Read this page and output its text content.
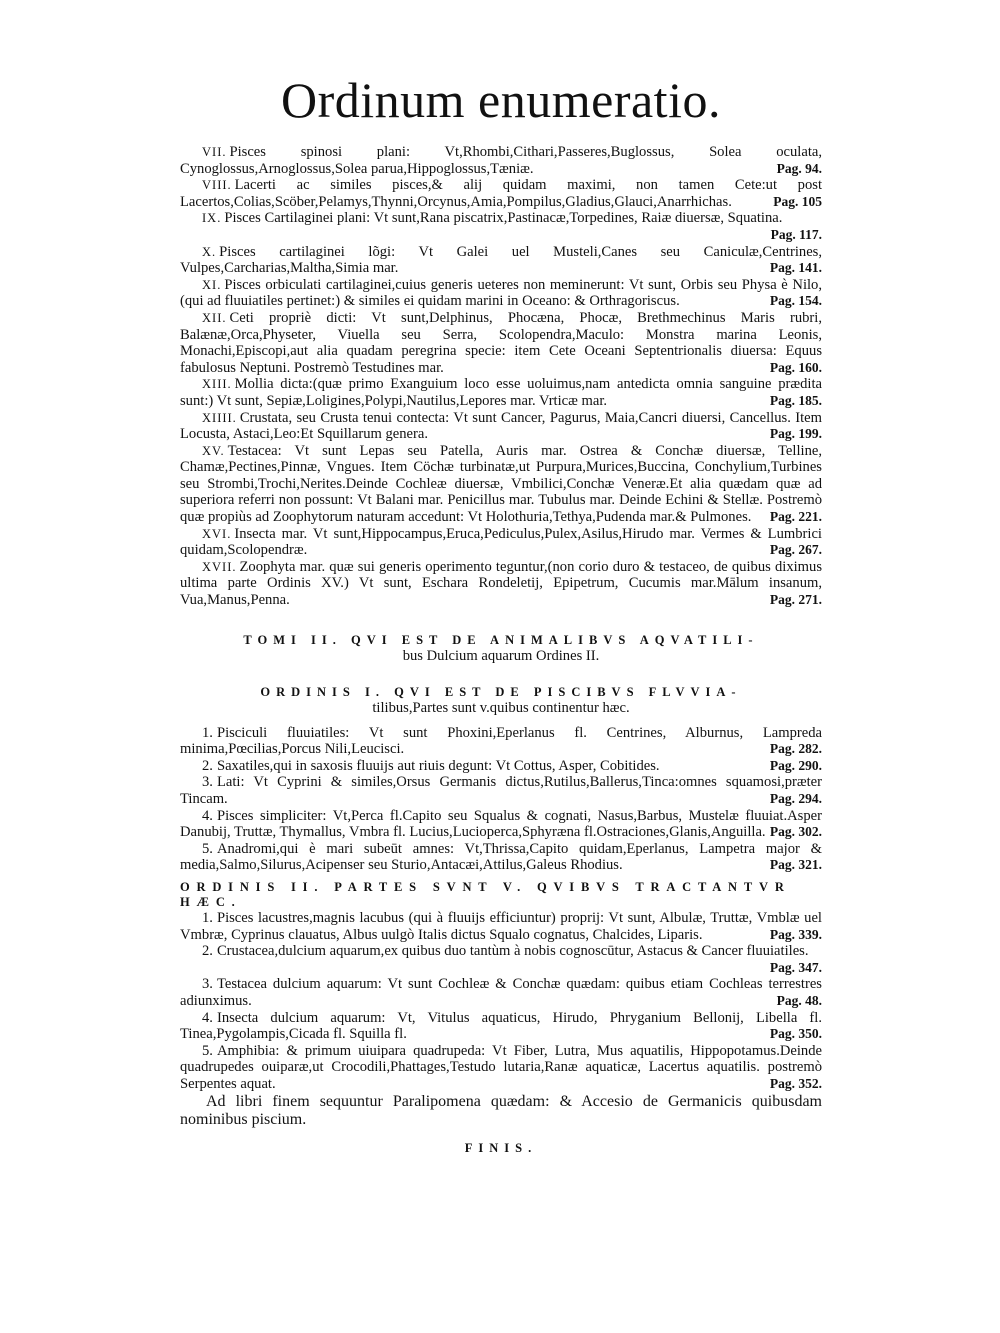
Ordinum enumeratio.

VII. Pisces spinosi plani: Vt,Rhombi,Cithari,Passeres,Buglossus, Solea oculata, Cynoglossus,Arnoglossus,Solea parua,Hippoglossus,Tæniæ.	Pag. 94.

VIII. Lacerti ac similes pisces,& alij quidam maximi, non tamen Cete:ut post Lacertos,Colias,Scöber,Pelamys,Thynni,Orcynus,Amia,Pompilus,Gladius,Glauci,Anarrhichas.	Pag. 105

IX. Pisces Cartilaginei plani: Vt sunt,Rana piscatrix,Pastinacæ,Torpedines, Raiæ diuersæ, Squatina.
Pag. 117.

X. Pisces cartilaginei lõgi: Vt Galei uel Musteli,Canes seu Caniculæ,Centrines, Vulpes,Carcharias,Maltha,Simia mar.	Pag. 141.

XI. Pisces orbiculati cartilaginei,cuius generis ueteres non meminerunt: Vt sunt, Orbis seu Physa è Nilo,(qui ad fluuiatiles pertinet:) & similes ei quidam marini in Oceano: & Orthragoriscus.	Pag. 154.

XII. Ceti propriè dicti: Vt sunt,Delphinus, Phocæna, Phocæ, Brethmechinus Maris rubri, Balænæ,Orca,Physeter, Viuella seu Serra, Scolopendra,Maculo: Monstra marina Leonis, Monachi,Episcopi,aut alia quadam peregrina specie: item Cete Oceani Septentrionalis diuersa: Equus fabulosus Neptuni. Postremò Testudines mar.	Pag. 160.

XIII. Mollia dicta:(quæ primo Exanguium loco esse uoluimus,nam antedicta omnia sanguine prædita sunt:) Vt sunt, Sepiæ,Loligines,Polypi,Nautilus,Lepores mar. Vrticæ mar.	Pag. 185.

XIIII. Crustata, seu Crusta tenui contecta: Vt sunt Cancer, Pagurus, Maia,Cancri diuersi, Cancellus. Item Locusta, Astaci,Leo:Et Squillarum genera.	Pag. 199.

XV. Testacea: Vt sunt Lepas seu Patella, Auris mar. Ostrea & Conchæ diuersæ, Telline, Chamæ,Pectines,Pinnæ, Vngues. Item Cöchæ turbinatæ,ut Purpura,Murices,Buccina, Conchylium,Turbines seu Strombi,Trochi,Nerites.Deinde Cochleæ diuersæ, Vmbilici,Conchæ Veneræ.Et alia quædam quæ ad superiora referri non possunt: Vt Balani mar. Penicillus mar. Tubulus mar. Deinde Echini & Stellæ. Postremò quæ propiùs ad Zoophytorum naturam accedunt: Vt Holothuria,Tethya,Pudenda mar.& Pulmones. Pag. 221.

XVI. Insecta mar. Vt sunt,Hippocampus,Eruca,Pediculus,Pulex,Asilus,Hirudo mar. Vermes & Lumbrici quidam,Scolopendræ.	Pag. 267.

XVII. Zoophyta mar. quæ sui generis operimento teguntur,(non corio duro & testaceo, de quibus diximus ultima parte Ordinis XV.) Vt sunt, Eschara Rondeletij, Epipetrum, Cucumis mar.Mālum insanum, Vua,Manus,Penna.	Pag. 271.

TOMI II. QVI EST DE ANIMALIBVS AQVATILI-
bus Dulcium aquarum Ordines II.
ORDINIS I. QVI EST DE PISCIBVS FLVVIA-
tilibus,Partes sunt v.quibus continentur hæc.

1. Pisciculi fluuiatiles: Vt sunt Phoxini,Eperlanus fl. Centrines, Alburnus, Lampreda minima,Pœcilias,Porcus Nili,Leucisci.	Pag. 282.

2. Saxatiles,qui in saxosis fluuijs aut riuis degunt: Vt Cottus, Asper, Cobitides.	Pag. 290.

3. Lati: Vt Cyprini & similes,Orsus Germanis dictus,Rutilus,Ballerus,Tinca:omnes squamosi,præter Tincam.	Pag. 294.

4. Pisces simpliciter: Vt,Perca fl.Capito seu Squalus & cognati, Nasus,Barbus, Mustelæ fluuiat.Asper Danubij, Truttæ, Thymallus, Vmbra fl. Lucius,Lucioperca,Sphyræna fl.Ostraciones,Glanis,Anguilla. Pag. 302.

5. Anadromi,qui è mari subeūt amnes: Vt,Thrissa,Capito quidam,Eperlanus, Lampetra major & media,Salmo,Silurus,Acipenser seu Sturio,Antacæi,Attilus,Galeus Rhodius.	Pag. 321.

ORDINIS II. PARTES SVNT V. QVIBVS TRACTANTVR HÆC.

1. Pisces lacustres,magnis lacubus (qui à fluuijs efficiuntur) proprij: Vt sunt, Albulæ, Truttæ, Vmblæ uel Vmbræ, Cyprinus clauatus, Albus uulgò Italis dictus Squalo cognatus, Chalcides, Liparis.	Pag. 339.

2. Crustacea,dulcium aquarum,ex quibus duo tantùm à nobis cognoscūtur, Astacus & Cancer fluuiatiles.
Pag. 347.

3. Testacea dulcium aquarum: Vt sunt Cochleæ & Conchæ quædam: quibus etiam Cochleas terrestres adiunximus.	Pag. 48.

4. Insecta dulcium aquarum: Vt, Vitulus aquaticus, Hirudo, Phryganium Bellonij, Libella fl. Tinea,Pygolampis,Cicada fl. Squilla fl.	Pag. 350.

5. Amphibia: & primum uiuipara quadrupeda: Vt Fiber, Lutra, Mus aquatilis, Hippopotamus.Deinde quadrupedes ouiparæ,ut Crocodili,Phattages,Testudo lutaria,Ranæ aquaticæ, Lacertus aquatilis. postremò Serpentes aquat.	Pag. 352.

Ad libri finem sequuntur Paralipomena quædam: & Accesio de Germanicis quibusdam nominibus piscium.

FINIS.
